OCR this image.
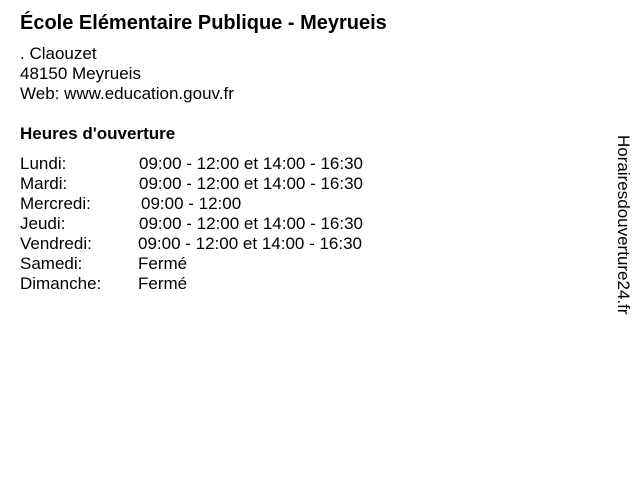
École Elémentaire Publique - Meyrueis
. Claouzet
48150 Meyrueis
Web: www.education.gouv.fr
Heures d'ouverture
Lundi:	09:00 - 12:00 et 14:00 - 16:30
Mardi:	09:00 - 12:00 et 14:00 - 16:30
Mercredi:	09:00 - 12:00
Jeudi:	09:00 - 12:00 et 14:00 - 16:30
Vendredi:	09:00 - 12:00 et 14:00 - 16:30
Samedi:	Fermé
Dimanche: Fermé	Horairesdouverture24.fr
